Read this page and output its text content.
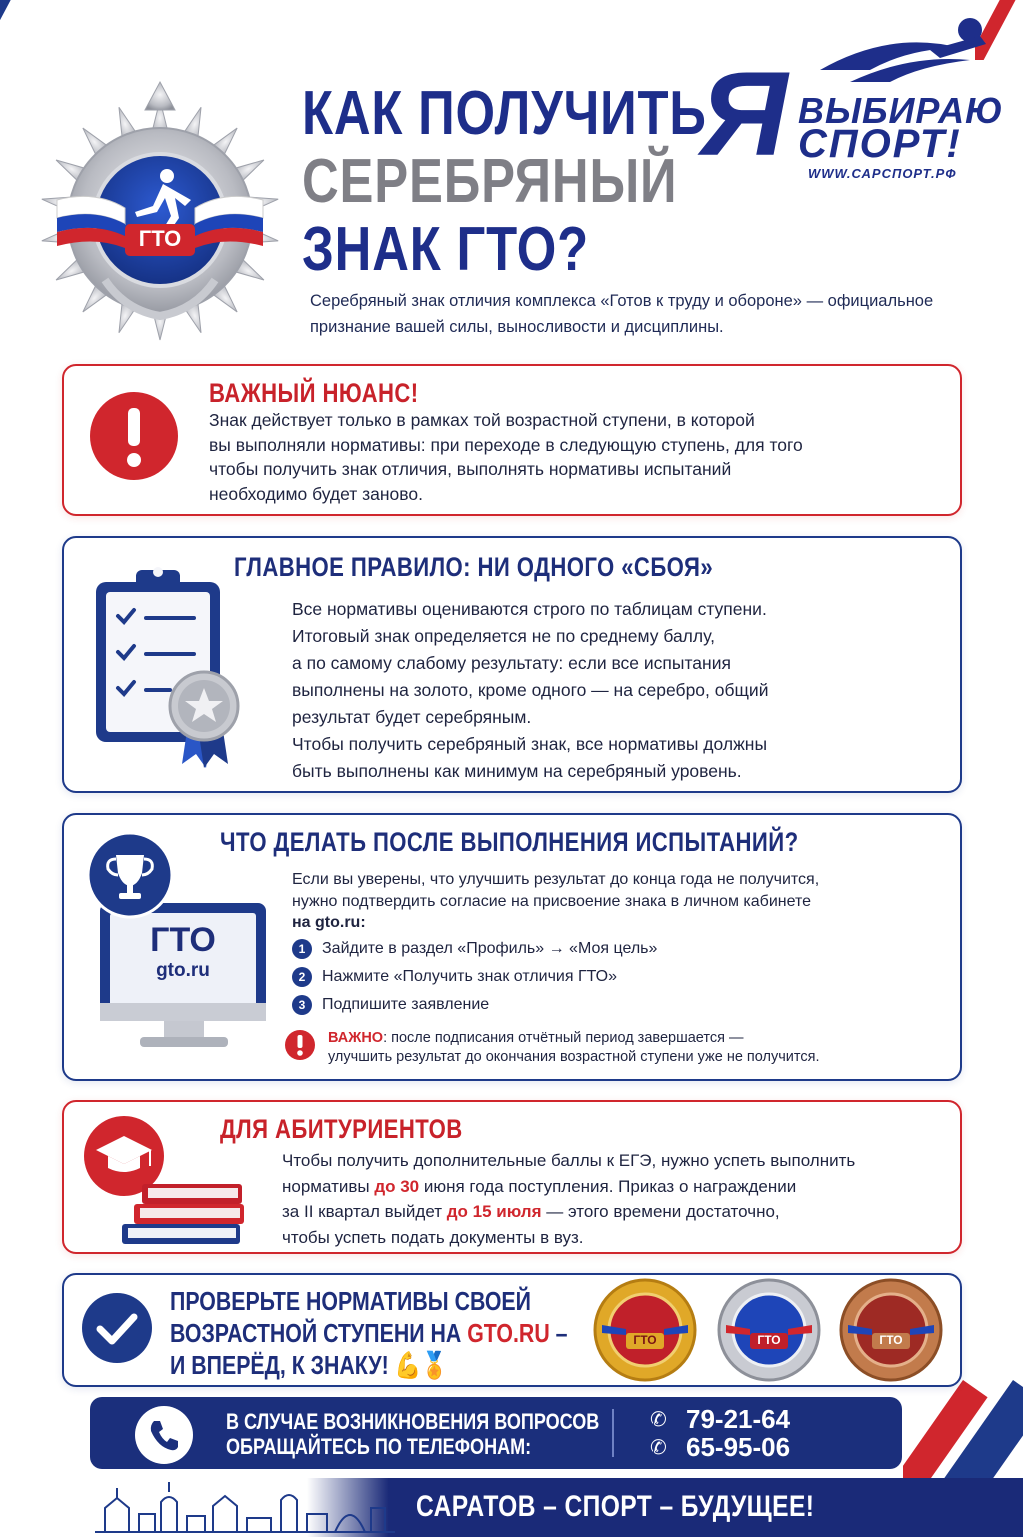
ГТО
КАК ПОЛУЧИТЬ
СЕРЕБРЯНЫЙ
ЗНАК ГТО?
Я ВЫБИРАЮ
СПОРТ!
WWW.САРСПОРТ.РФ
Серебряный знак отличия комплекса «Готов к труду и обороне» — официальное признание вашей силы, выносливости и дисциплины.
ВАЖНЫЙ НЮАНС!
Знак действует только в рамках той возрастной ступени, в которой
вы выполняли нормативы: при переходе в следующую ступень, для того
чтобы получить знак отличия, выполнять нормативы испытаний
необходимо будет заново.
ГЛАВНОЕ ПРАВИЛО: НИ ОДНОГО «СБОЯ»
Все нормативы оцениваются строго по таблицам ступени.
Итоговый знак определяется не по среднему баллу,
а по самому слабому результату: если все испытания
выполнены на золото, кроме одного — на серебро, общий
результат будет серебряным.
Чтобы получить серебряный знак, все нормативы должны
быть выполнены как минимум на серебряный уровень.
ГТО
gto.ru
ЧТО ДЕЛАТЬ ПОСЛЕ ВЫПОЛНЕНИЯ ИСПЫТАНИЙ?
Если вы уверены, что улучшить результат до конца года не получится,
нужно подтвердить согласие на присвоение знака в личном кабинете
на gto.ru:
1	Зайдите в раздел «Профиль» → «Моя цель»
2	Нажмите «Получить знак отличия ГТО»
3	Подпишите заявление
ВАЖНО: после подписания отчётный период завершается —
улучшить результат до окончания возрастной ступени уже не получится.
ДЛЯ АБИТУРИЕНТОВ
Чтобы получить дополнительные баллы к ЕГЭ, нужно успеть выполнить
нормативы до 30 июня года поступления. Приказ о награждении
за II квартал выйдет до 15 июля — этого времени достаточно,
чтобы успеть подать документы в вуз.
ПРОВЕРЬТЕ НОРМАТИВЫ СВОЕЙ
ВОЗРАСТНОЙ СТУПЕНИ НА GTO.RU –
И ВПЕРЁД, К ЗНАКУ! 💪🏅
ГТО	ГТО	ГТО
В СЛУЧАЕ ВОЗНИКНОВЕНИЯ ВОПРОСОВ
ОБРАЩАЙТЕСЬ ПО ТЕЛЕФОНАМ:
✆ 79-21-64
✆ 65-95-06
САРАТОВ – СПОРТ – БУДУЩЕЕ!
